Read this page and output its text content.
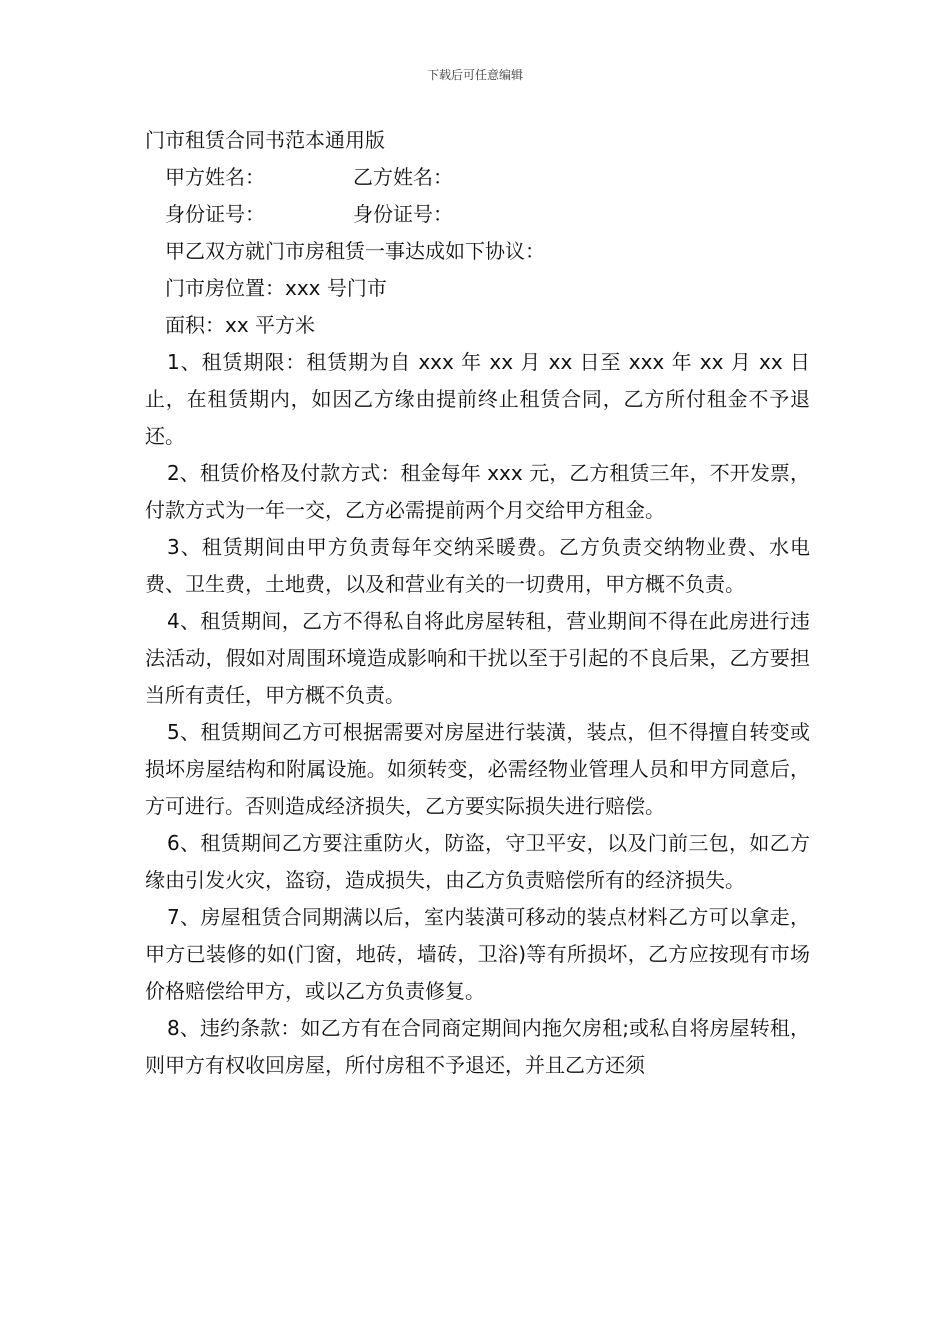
下载后可任意编辑
门市租赁合同书范本通用版

甲方姓名：	乙方姓名：

身份证号：	身份证号：

甲乙双方就门市房租赁一事达成如下协议：

门市房位置：xxx 号门市

面积：xx 平方米

1、租赁期限：租赁期为自 xxx 年 xx 月 xx 日至 xxx 年 xx 月 xx 日止，在租赁期内，如因乙方缘由提前终止租赁合同，乙方所付租金不予退还。

2、租赁价格及付款方式：租金每年 xxx 元，乙方租赁三年，不开发票，付款方式为一年一交，乙方必需提前两个月交给甲方租金。

3、租赁期间由甲方负责每年交纳采暖费。乙方负责交纳物业费、水电费、卫生费，土地费，以及和营业有关的一切费用，甲方概不负责。

4、租赁期间，乙方不得私自将此房屋转租，营业期间不得在此房进行违法活动，假如对周围环境造成影响和干扰以至于引起的不良后果，乙方要担当所有责任，甲方概不负责。

5、租赁期间乙方可根据需要对房屋进行装潢，装点，但不得擅自转变或损坏房屋结构和附属设施。如须转变，必需经物业管理人员和甲方同意后，方可进行。否则造成经济损失，乙方要实际损失进行赔偿。

6、租赁期间乙方要注重防火，防盗，守卫平安，以及门前三包，如乙方缘由引发火灾，盗窃，造成损失，由乙方负责赔偿所有的经济损失。

7、房屋租赁合同期满以后，室内装潢可移动的装点材料乙方可以拿走，甲方已装修的如(门窗，地砖，墙砖，卫浴)等有所损坏，乙方应按现有市场价格赔偿给甲方，或以乙方负责修复。

8、违约条款：如乙方有在合同商定期间内拖欠房租;或私自将房屋转租，则甲方有权收回房屋，所付房租不予退还，并且乙方还须
